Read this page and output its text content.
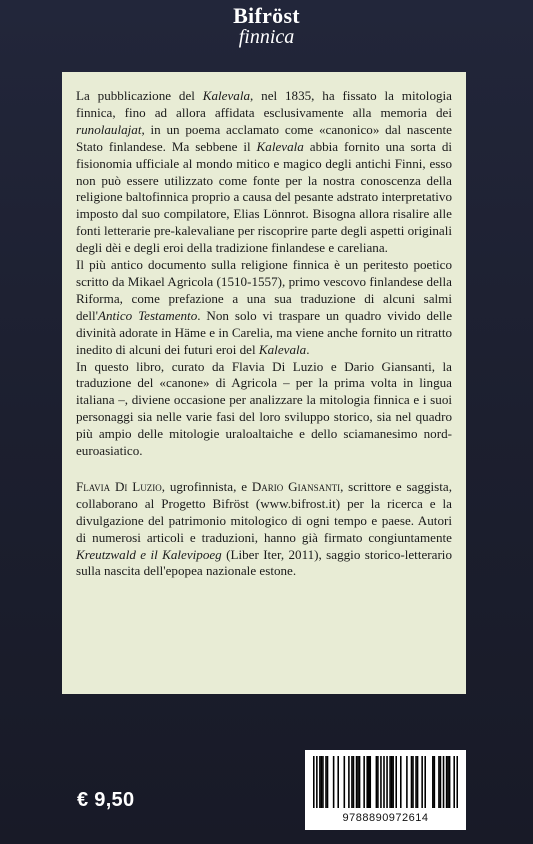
Bifröst
finnica

La pubblicazione del Kalevala, nel 1835, ha fissato la mitologia finnica, fino ad allora affidata esclusivamente alla memoria dei runolaulajat, in un poema acclamato come «canonico» dal nascente Stato finlandese. Ma sebbene il Kalevala abbia fornito una sorta di fisionomia ufficiale al mondo mitico e magico degli antichi Finni, esso non può essere utilizzato come fonte per la nostra conoscenza della religione baltofinnica proprio a causa del pesante adstrato interpretativo imposto dal suo compilatore, Elias Lönnrot. Bisogna allora risalire alle fonti letterarie pre-kalevaliane per riscoprire parte degli aspetti originali degli dèi e degli eroi della tradizione finlandese e careliana.

Il più antico documento sulla religione finnica è un peritesto poetico scritto da Mikael Agricola (1510-1557), primo vescovo finlandese della Riforma, come prefazione a una sua traduzione di alcuni salmi dell'Antico Testamento. Non solo vi traspare un quadro vivido delle divinità adorate in Häme e in Carelia, ma viene anche fornito un ritratto inedito di alcuni dei futuri eroi del Kalevala.

In questo libro, curato da Flavia Di Luzio e Dario Giansanti, la traduzione del «canone» di Agricola – per la prima volta in lingua italiana –, diviene occasione per analizzare la mitologia finnica e i suoi personaggi sia nelle varie fasi del loro sviluppo storico, sia nel quadro più ampio delle mitologie uraloaltaiche e dello sciamanesimo nord-euroasiatico.

Flavia Di Luzio, ugrofinnista, e Dario Giansanti, scrittore e saggista, collaborano al Progetto Bifröst (www.bifrost.it) per la ricerca e la divulgazione del patrimonio mitologico di ogni tempo e paese. Autori di numerosi articoli e traduzioni, hanno già firmato congiuntamente Kreutzwald e il Kalevipoeg (Liber Iter, 2011), saggio storico-letterario sulla nascita dell'epopea nazionale estone.

€ 9,50
9788890972614
